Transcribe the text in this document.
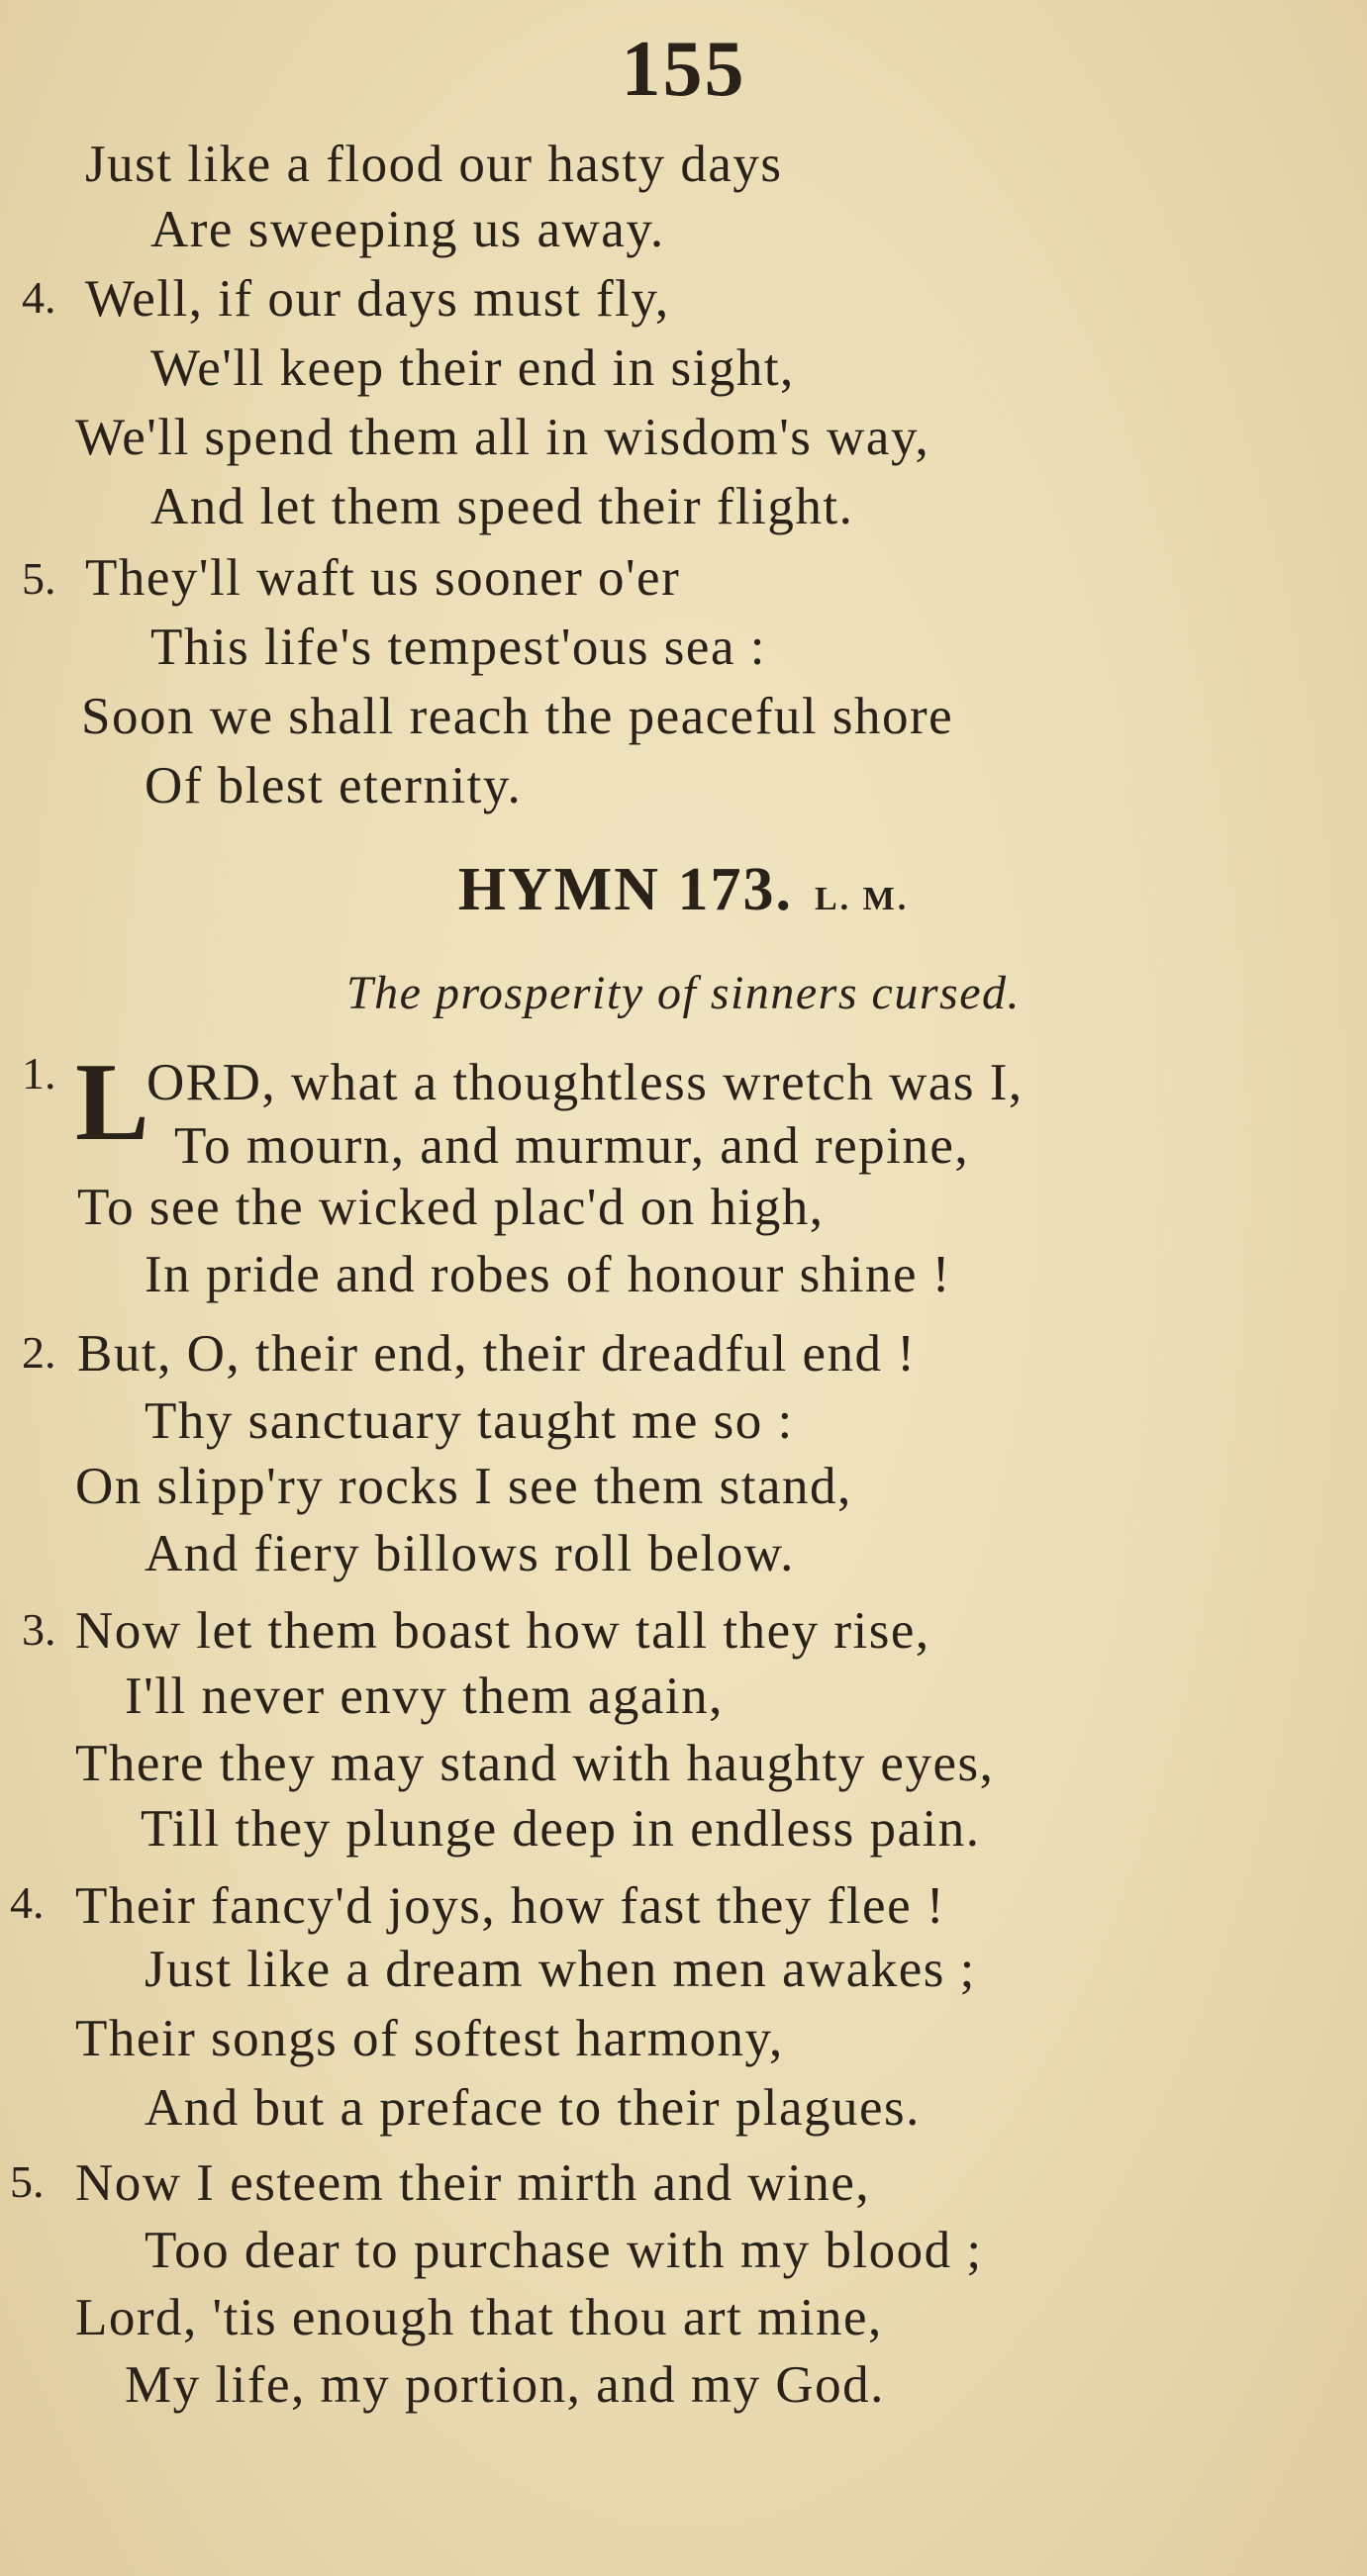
155
Just like a flood our hasty days
Are sweeping us away.
4. Well, if our days must fly,
We'll keep their end in sight,
We'll spend them all in wisdom's way,
And let them speed their flight.
5. They'll waft us sooner o'er
This life's tempest'ous sea :
Soon we shall reach the peaceful shore
Of blest eternity.
HYMN 173. L. M.
The prosperity of sinners cursed.
1. L
ORD, what a thoughtless wretch was I,
To mourn, and murmur, and repine,
To see the wicked plac'd on high,
In pride and robes of honour shine !
2. But, O, their end, their dreadful end !
Thy sanctuary taught me so :
On slipp'ry rocks I see them stand,
And fiery billows roll below.
3. Now let them boast how tall they rise,
I'll never envy them again,
There they may stand with haughty eyes,
Till they plunge deep in endless pain.
4. Their fancy'd joys, how fast they flee !
Just like a dream when men awakes ;
Their songs of softest harmony,
And but a preface to their plagues.
5. Now I esteem their mirth and wine,
Too dear to purchase with my blood ;
Lord, 'tis enough that thou art mine,
My life, my portion, and my God.
